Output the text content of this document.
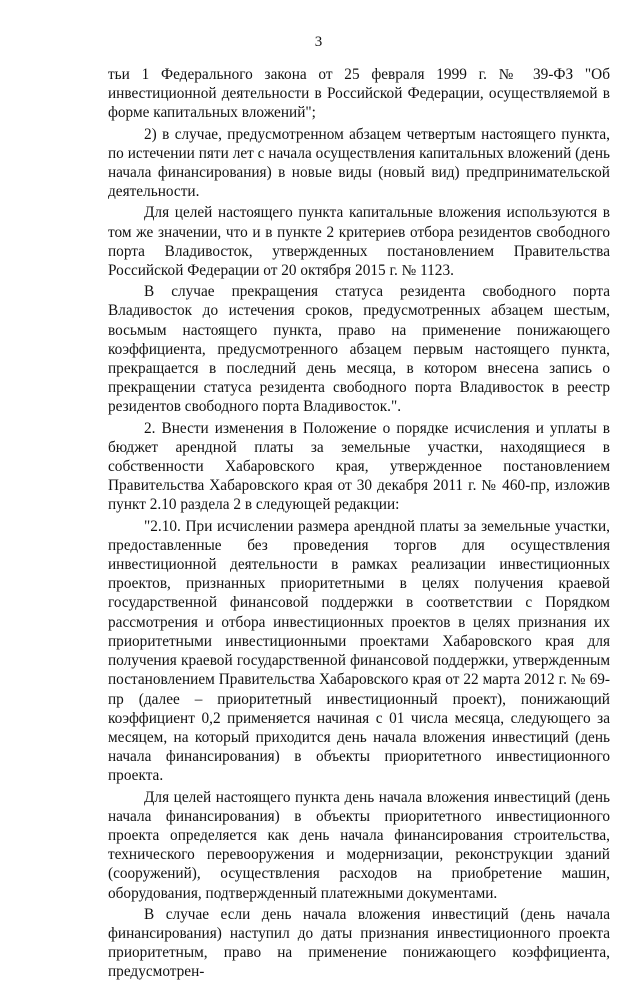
3

тьи 1 Федерального закона от 25 февраля 1999 г. № 39-ФЗ "Об инвестиционной деятельности в Российской Федерации, осуществляемой в форме капитальных вложений";

2) в случае, предусмотренном абзацем четвертым настоящего пункта, по истечении пяти лет с начала осуществления капитальных вложений (день начала финансирования) в новые виды (новый вид) предпринимательской деятельности.

Для целей настоящего пункта капитальные вложения используются в том же значении, что и в пункте 2 критериев отбора резидентов свободного порта Владивосток, утвержденных постановлением Правительства Российской Федерации от 20 октября 2015 г. № 1123.

В случае прекращения статуса резидента свободного порта Владивосток до истечения сроков, предусмотренных абзацем шестым, восьмым настоящего пункта, право на применение понижающего коэффициента, предусмотренного абзацем первым настоящего пункта, прекращается в последний день месяца, в котором внесена запись о прекращении статуса резидента свободного порта Владивосток в реестр резидентов свободного порта Владивосток.".

2. Внести изменения в Положение о порядке исчисления и уплаты в бюджет арендной платы за земельные участки, находящиеся в собственности Хабаровского края, утвержденное постановлением Правительства Хабаровского края от 30 декабря 2011 г. № 460-пр, изложив пункт 2.10 раздела 2 в следующей редакции:

"2.10. При исчислении размера арендной платы за земельные участки, предоставленные без проведения торгов для осуществления инвестиционной деятельности в рамках реализации инвестиционных проектов, признанных приоритетными в целях получения краевой государственной финансовой поддержки в соответствии с Порядком рассмотрения и отбора инвестиционных проектов в целях признания их приоритетными инвестиционными проектами Хабаровского края для получения краевой государственной финансовой поддержки, утвержденным постановлением Правительства Хабаровского края от 22 марта 2012 г. № 69-пр (далее – приоритетный инвестиционный проект), понижающий коэффициент 0,2 применяется начиная с 01 числа месяца, следующего за месяцем, на который приходится день начала вложения инвестиций (день начала финансирования) в объекты приоритетного инвестиционного проекта.

Для целей настоящего пункта день начала вложения инвестиций (день начала финансирования) в объекты приоритетного инвестиционного проекта определяется как день начала финансирования строительства, технического перевооружения и модернизации, реконструкции зданий (сооружений), осуществления расходов на приобретение машин, оборудования, подтвержденный платежными документами.

В случае если день начала вложения инвестиций (день начала финансирования) наступил до даты признания инвестиционного проекта приоритетным, право на применение понижающего коэффициента, предусмотрен-
